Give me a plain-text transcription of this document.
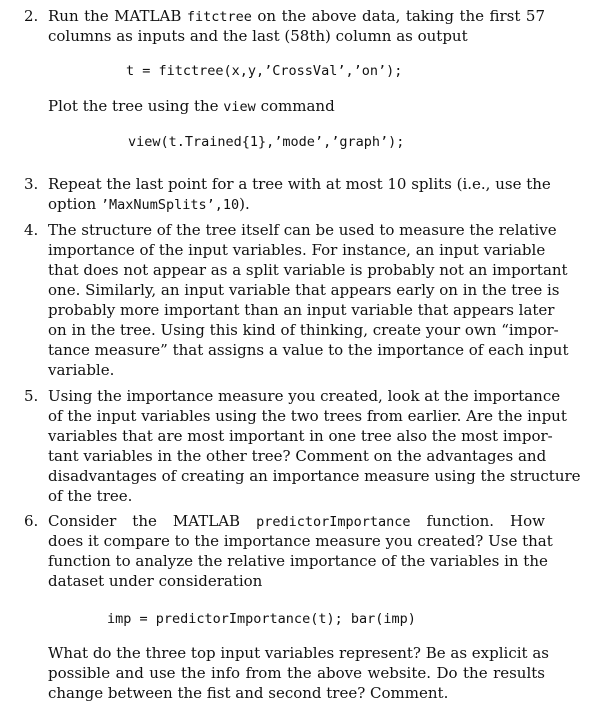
2. Run the MATLAB fitctree on the above data, taking the first 57
columns as inputs and the last (58th) column as output
t = fitctree(x,y,’CrossVal’,’on’);
Plot the tree using the view command
view(t.Trained{1},’mode’,’graph’);
3. Repeat the last point for a tree with at most 10 splits (i.e., use the
option ’MaxNumSplits’,10).
4. The structure of the tree itself can be used to measure the relative
importance of the input variables. For instance, an input variable
that does not appear as a split variable is probably not an important
one. Similarly, an input variable that appears early on in the tree is
probably more important than an input variable that appears later
on in the tree. Using this kind of thinking, create your own “impor-
tance measure” that assigns a value to the importance of each input
variable.
5. Using the importance measure you created, look at the importance
of the input variables using the two trees from earlier. Are the input
variables that are most important in one tree also the most impor-
tant variables in the other tree? Comment on the advantages and
disadvantages of creating an importance measure using the structure
of the tree.
6. Consider the MATLAB predictorImportance function. How
does it compare to the importance measure you created? Use that
function to analyze the relative importance of the variables in the
dataset under consideration
imp = predictorImportance(t); bar(imp)
What do the three top input variables represent? Be as explicit as
possible and use the info from the above website. Do the results
change between the fist and second tree? Comment.
